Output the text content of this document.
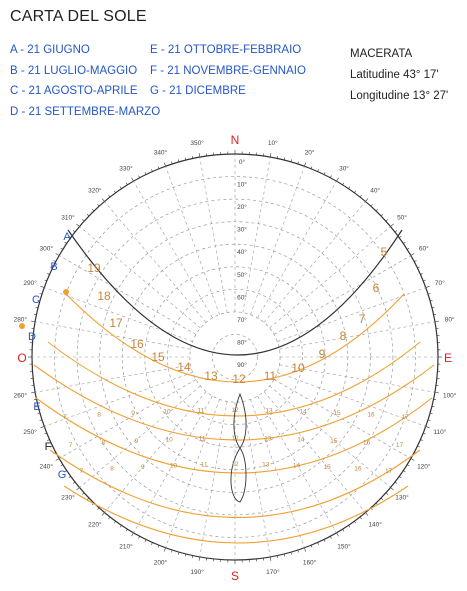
CARTA DEL SOLE
A - 21 GIUGNO
B - 21 LUGLIO-MAGGIO
C - 21 AGOSTO-APRILE
D - 21 SETTEMBRE-MARZO
E - 21 OTTOBRE-FEBBRAIO
F - 21 NOVEMBRE-GENNAIO
G - 21 DICEMBRE
MACERATA
Latitudine 43° 17'
Longitudine 13° 27'
10°
20°
30°
40°
50°
60°
70°
80°
100°
110°
120°
130°
140°
150°
160°
170°
190°
200°
210°
220°
230°
240°
250°
260°
280°
290°
300°
310°
320°
330°
340°
350°
0°
10°
20°
30°
40°
50°
60°
70°
80°
90°
N
S
E
O
A
B
C
D
E
F
G
5
6
7
8
9
10
11
12
13
14
15
16
17
18
19
7	8	9	10	11	12	13	14	15	16	17
7	8	9	10	11	12	13	14	15	16	17
7	8	9	10	11	12	13	14	15	16	17
